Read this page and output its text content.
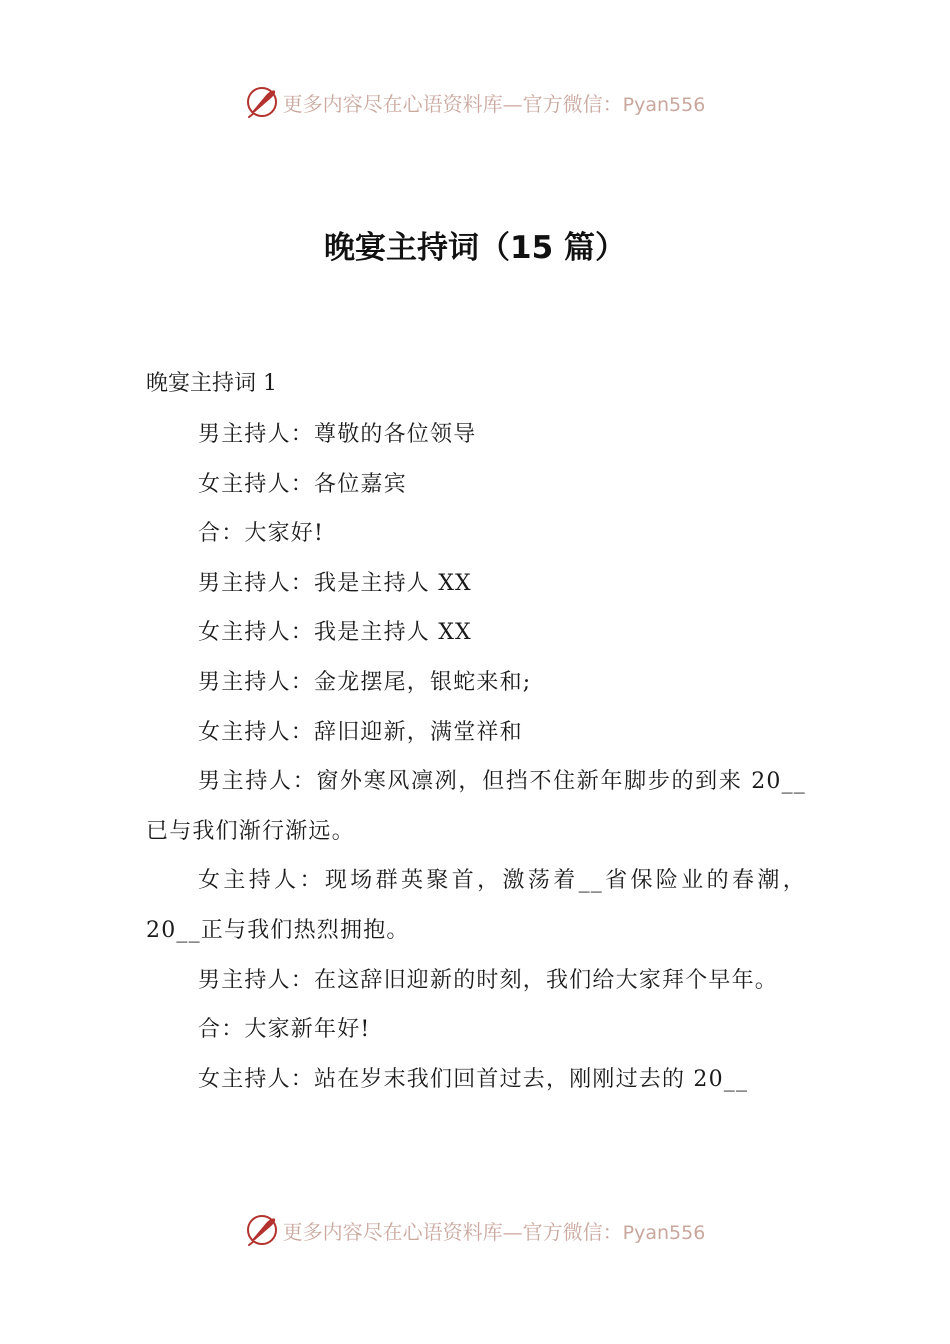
更多内容尽在心语资料库—官方微信：Pyan556
晚宴主持词（15 篇）
晚宴主持词 1

男主持人：尊敬的各位领导

女主持人：各位嘉宾

合：大家好!

男主持人：我是主持人 XX

女主持人：我是主持人 XX

男主持人：金龙摆尾，银蛇来和;

女主持人：辞旧迎新，满堂祥和

男主持人：窗外寒风凛冽，但挡不住新年脚步的到来 20__已与我们渐行渐远。

女主持人：现场群英聚首，激荡着__省保险业的春潮，20__正与我们热烈拥抱。

男主持人：在这辞旧迎新的时刻，我们给大家拜个早年。

合：大家新年好!

女主持人：站在岁末我们回首过去，刚刚过去的 20__

更多内容尽在心语资料库—官方微信：Pyan556
